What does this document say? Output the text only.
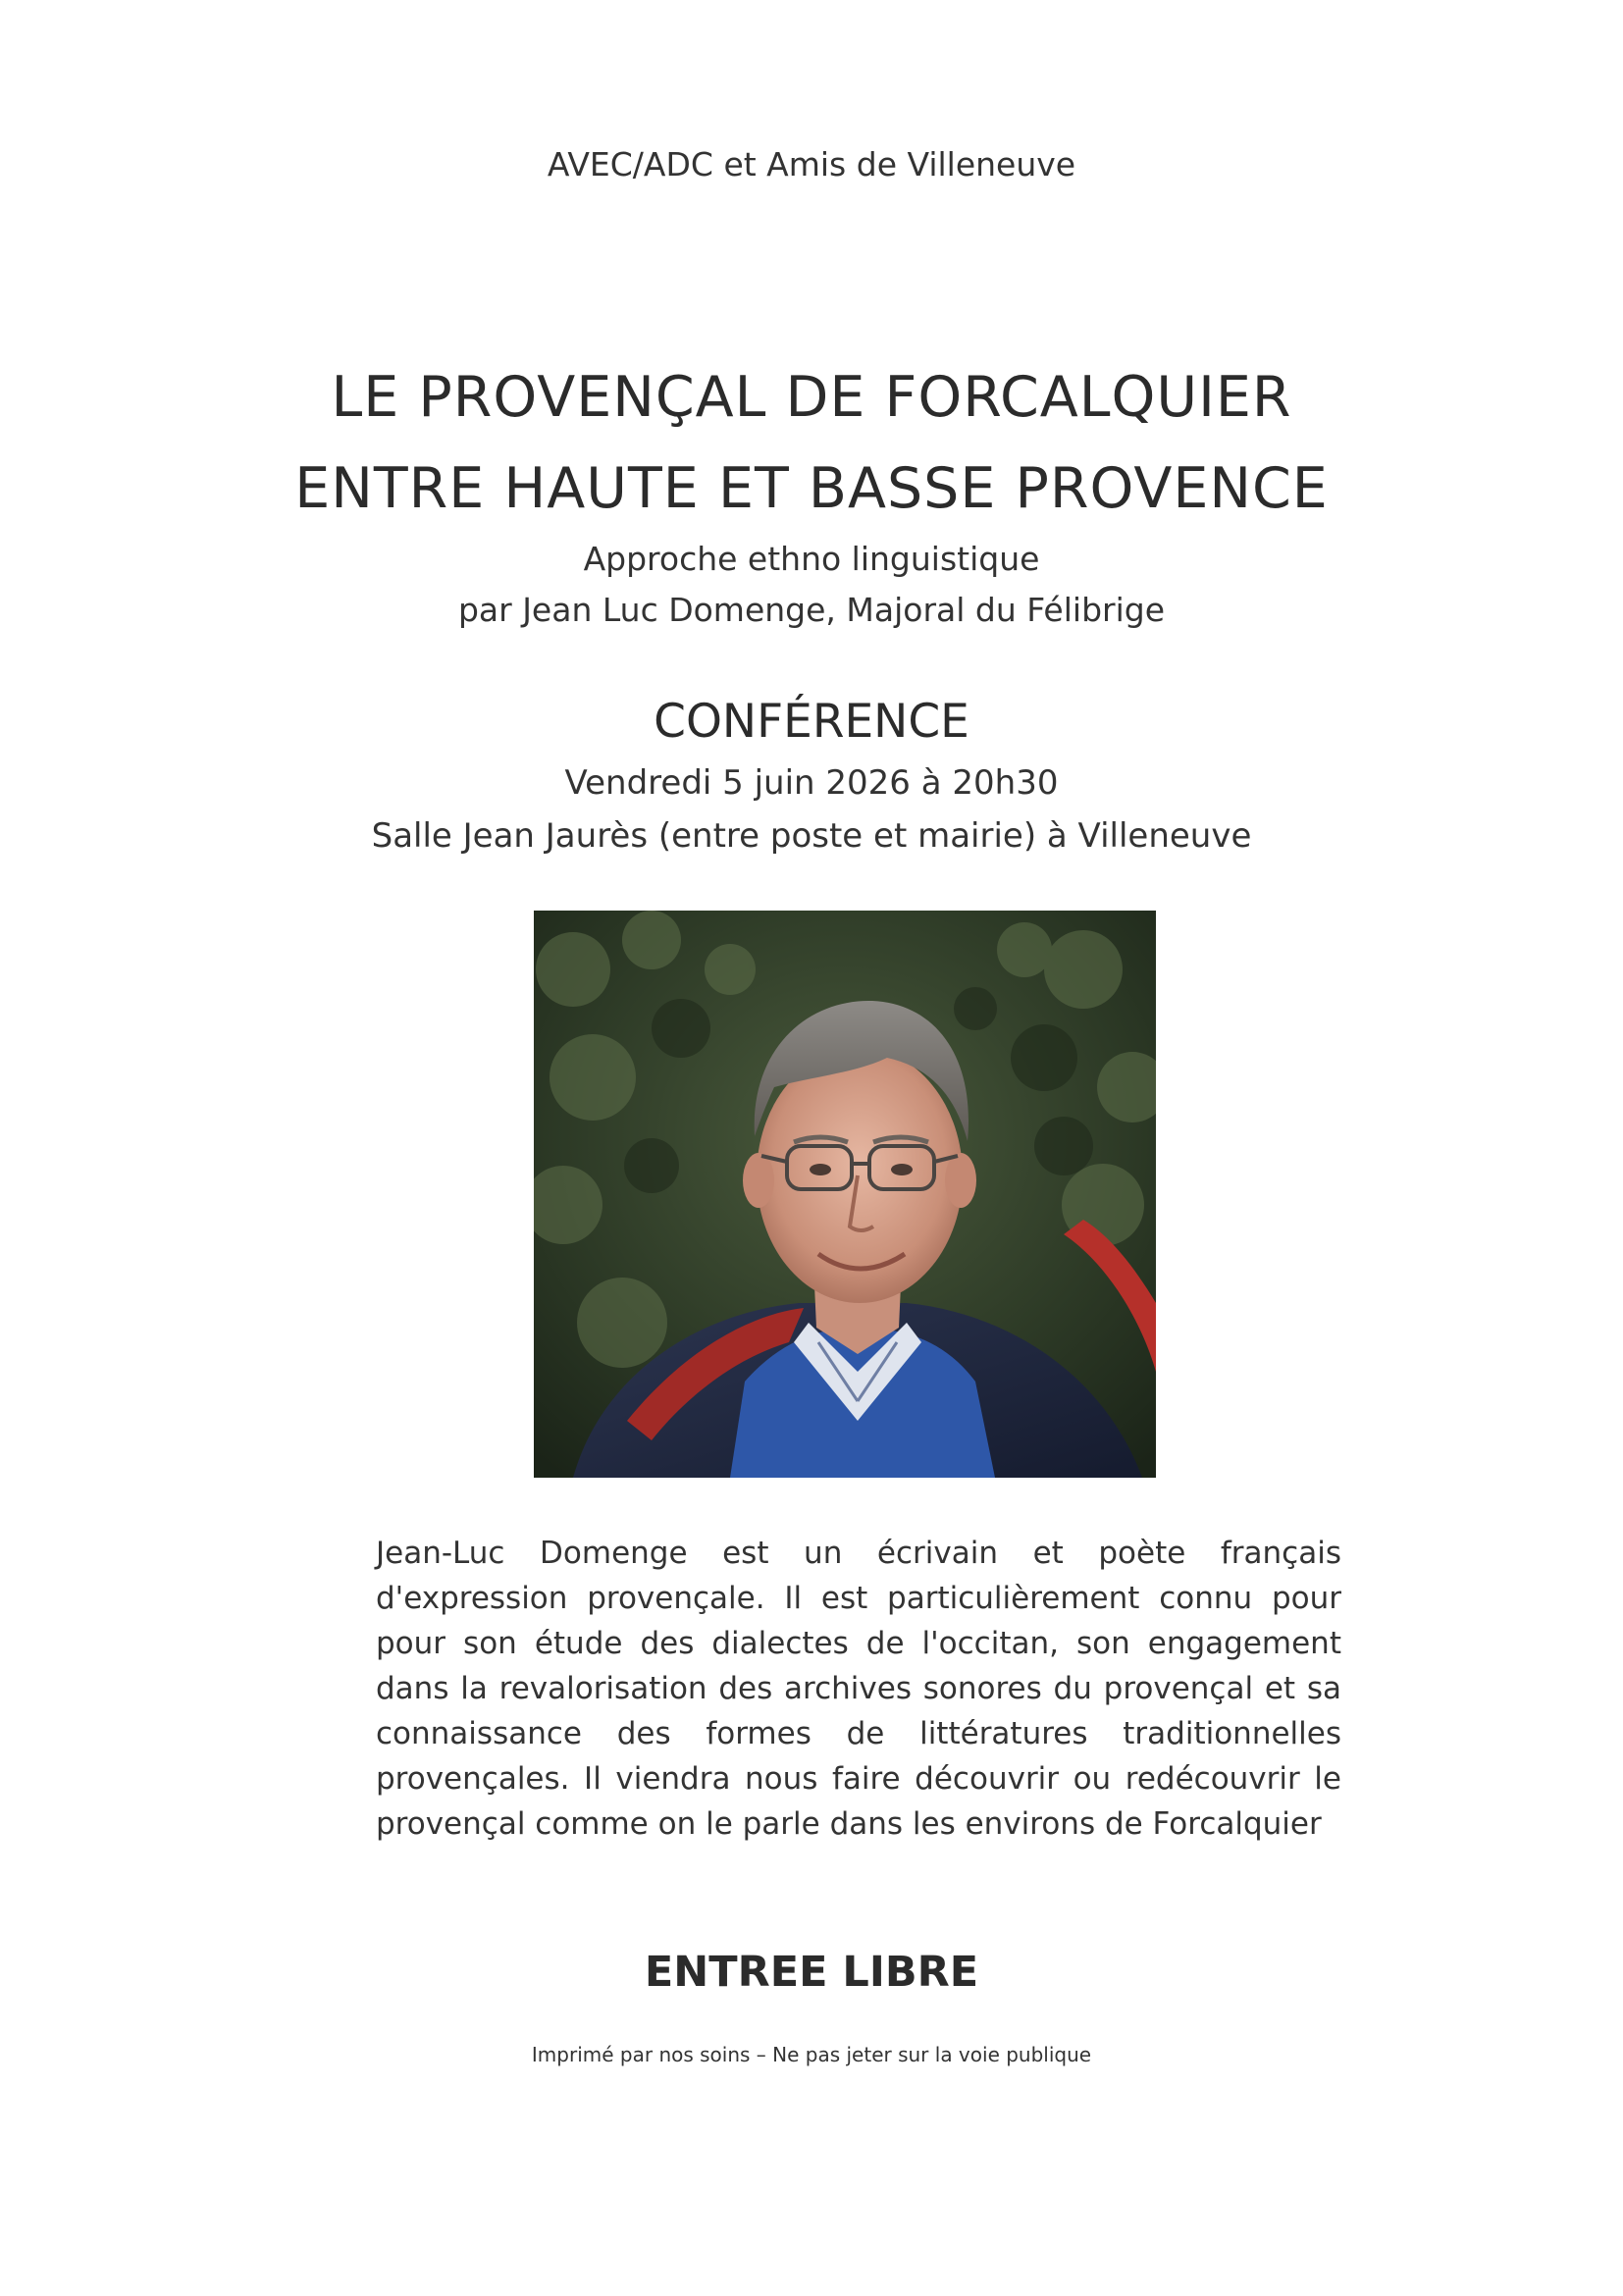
AVEC/ADC et Amis de Villeneuve
LE PROVENÇAL DE FORCALQUIER
ENTRE HAUTE ET BASSE PROVENCE
Approche ethno linguistique
par Jean Luc Domenge, Majoral du Félibrige
CONFÉRENCE
Vendredi 5 juin 2026 à 20h30
Salle Jean Jaurès (entre poste et mairie) à Villeneuve
Jean-Luc Domenge est un écrivain et poète français d'expression provençale. Il est particulièrement connu pour pour son étude des dialectes de l'occitan, son engagement dans la revalorisation des archives sonores du provençal et sa connaissance des formes de littératures traditionnelles provençales. Il viendra nous faire découvrir ou redécouvrir le provençal comme on le parle dans les environs de Forcalquier
ENTREE LIBRE
Imprimé par nos soins – Ne pas jeter sur la voie publique
